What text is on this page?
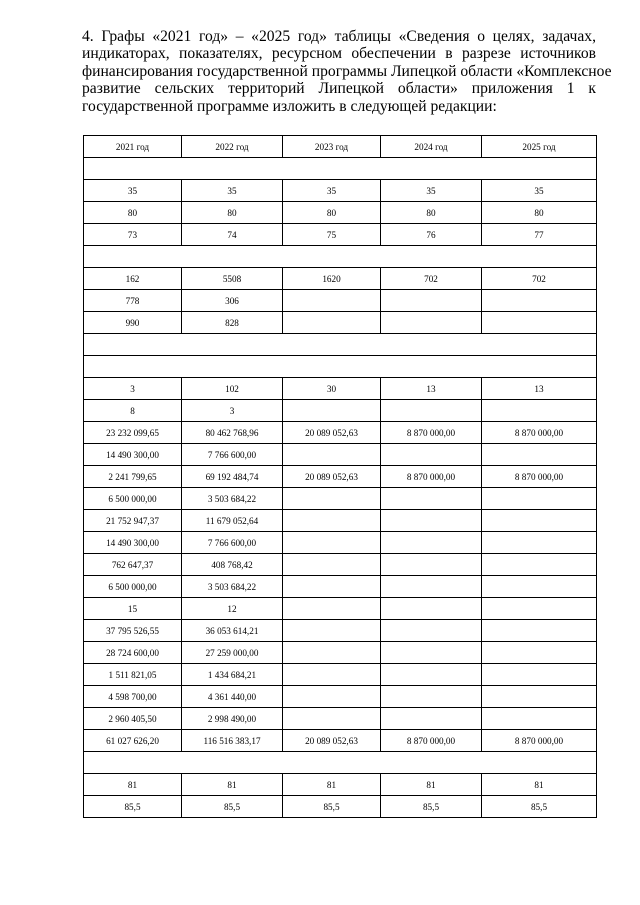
4. Графы «2021 год» – «2025 год» таблицы «Сведения о целях, задачах,
индикаторах, показателях, ресурсном обеспечении в разрезе источников
финансирования государственной программы Липецкой области «Комплексное
развитие сельских территорий Липецкой области» приложения 1 к
государственной программе изложить в следующей редакции:

2021 год	2022 год	2023 год	2024 год	2025 год

35	35	35	35	35
80	80	80	80	80
73	74	75	76	77

162	5508	1620	702	702
778	306			
990	828			

3	102	30	13	13
8	3			
23 232 099,65	80 462 768,96	20 089 052,63	8 870 000,00	8 870 000,00
14 490 300,00	7 766 600,00			
2 241 799,65	69 192 484,74	20 089 052,63	8 870 000,00	8 870 000,00
6 500 000,00	3 503 684,22			
21 752 947,37	11 679 052,64			
14 490 300,00	7 766 600,00			
762 647,37	408 768,42			
6 500 000,00	3 503 684,22			
15	12			
37 795 526,55	36 053 614,21			
28 724 600,00	27 259 000,00			
1 511 821,05	1 434 684,21			
4 598 700,00	4 361 440,00			
2 960 405,50	2 998 490,00			
61 027 626,20	116 516 383,17	20 089 052,63	8 870 000,00	8 870 000,00

81	81	81	81	81
85,5	85,5	85,5	85,5	85,5
